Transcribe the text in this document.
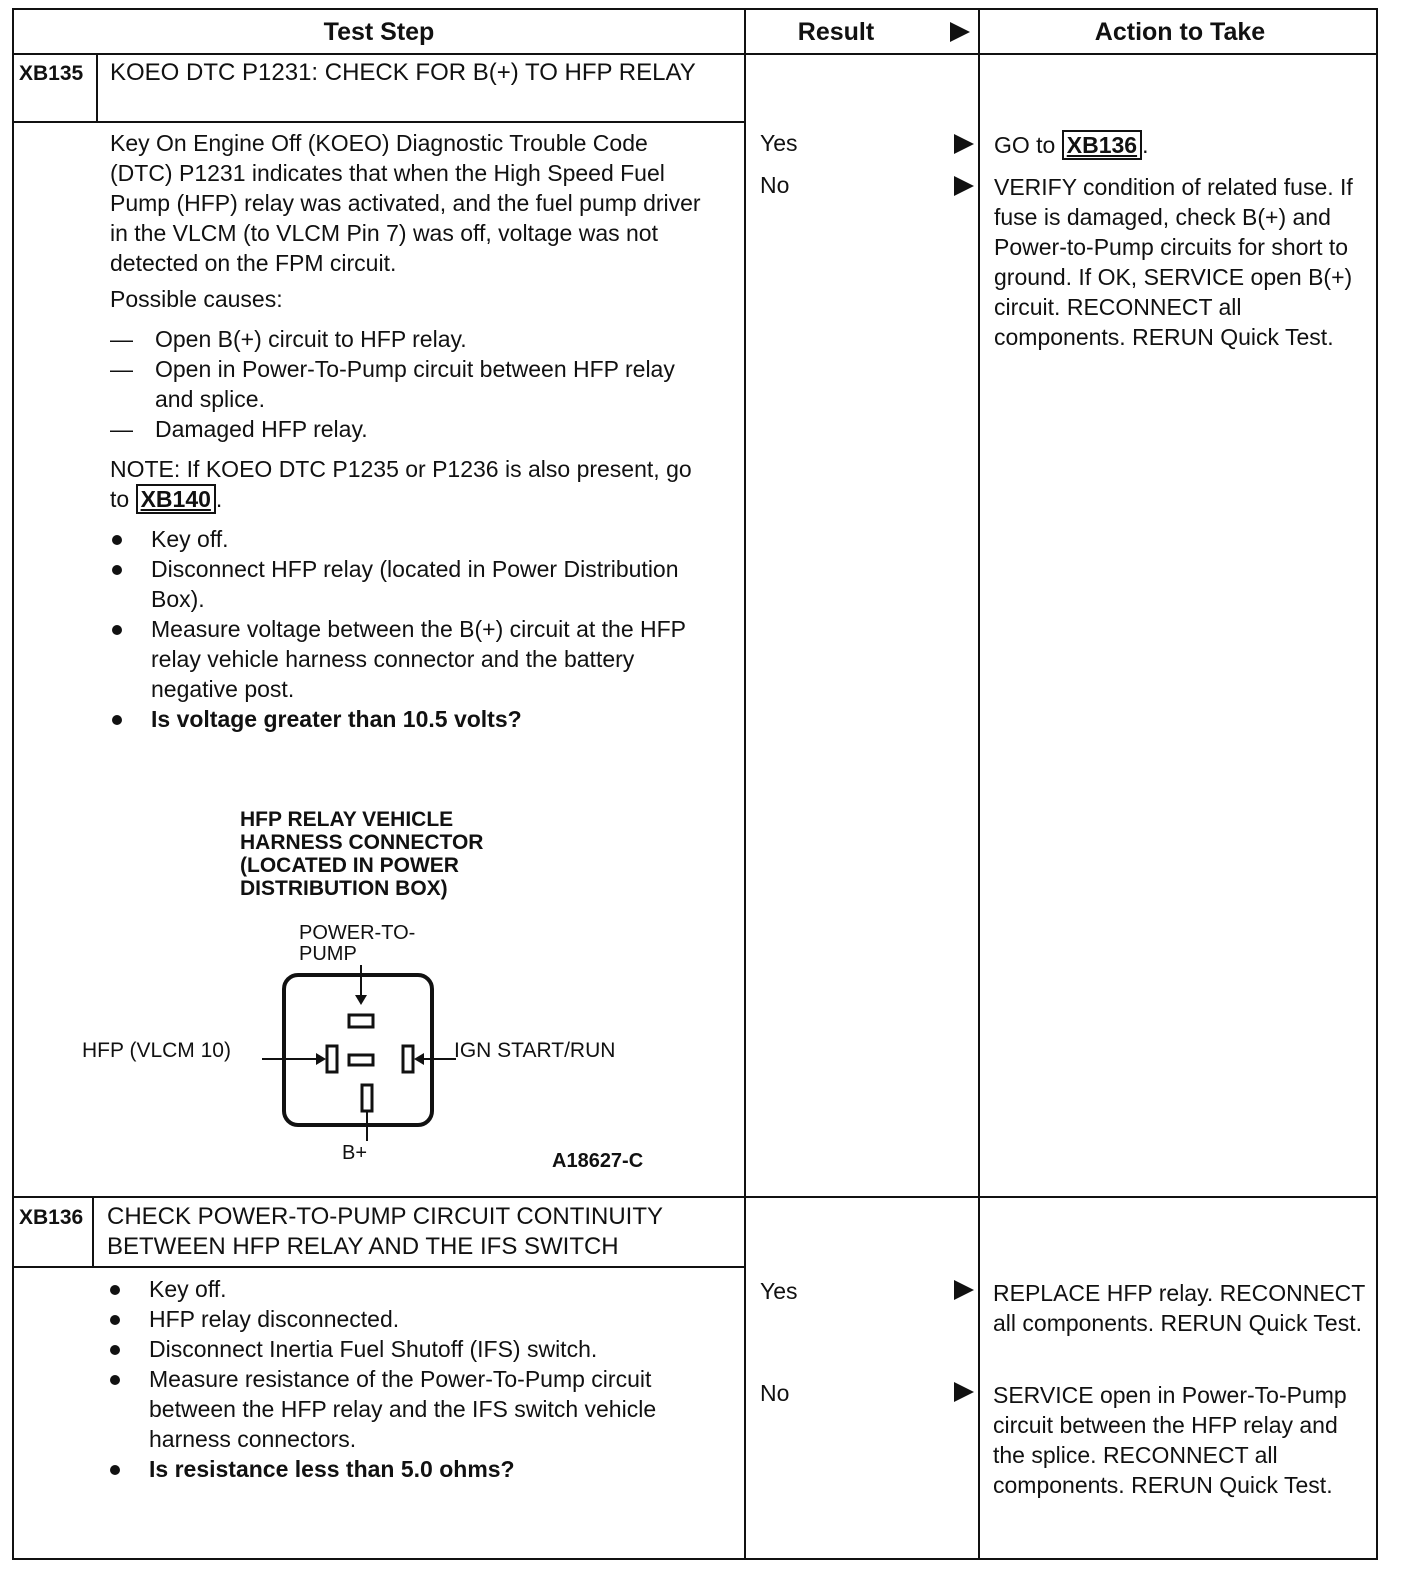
Test Step	Result	Action to Take
XB135 KOEO DTC P1231: CHECK FOR B(+) TO HFP RELAY

Key On Engine Off (KOEO) Diagnostic Trouble Code (DTC) P1231 indicates that when the High Speed Fuel Pump (HFP) relay was activated, and the fuel pump driver in the VLCM (to VLCM Pin 7) was off, voltage was not detected on the FPM circuit.

Possible causes:

— Open B(+) circuit to HFP relay.
— Open in Power-To-Pump circuit between HFP relay and splice.
— Damaged HFP relay.

NOTE: If KOEO DTC P1235 or P1236 is also present, go to XB140 .

Key off.
Disconnect HFP relay (located in Power Distribution Box).
Measure voltage between the B(+) circuit at the HFP relay vehicle harness connector and the battery negative post.
Is voltage greater than 10.5 volts?
HFP RELAY VEHICLE
HARNESS CONNECTOR
(LOCATED IN POWER
DISTRIBUTION BOX)
POWER-TO-
PUMP
HFP (VLCM 10)	IGN START/RUN
B+	A18627-C
Yes	GO to XB136 .
No	VERIFY condition of related fuse. If fuse is damaged, check B(+) and Power-to-Pump circuits for short to ground. If OK, SERVICE open B(+) circuit. RECONNECT all components. RERUN Quick Test.
XB136 CHECK POWER-TO-PUMP CIRCUIT CONTINUITY BETWEEN HFP RELAY AND THE IFS SWITCH
Key off.
HFP relay disconnected.
Disconnect Inertia Fuel Shutoff (IFS) switch.
Measure resistance of the Power-To-Pump circuit between the HFP relay and the IFS switch vehicle harness connectors.
Is resistance less than 5.0 ohms?
Yes	REPLACE HFP relay. RECONNECT all components. RERUN Quick Test.
No	SERVICE open in Power-To-Pump circuit between the HFP relay and the splice. RECONNECT all components. RERUN Quick Test.
